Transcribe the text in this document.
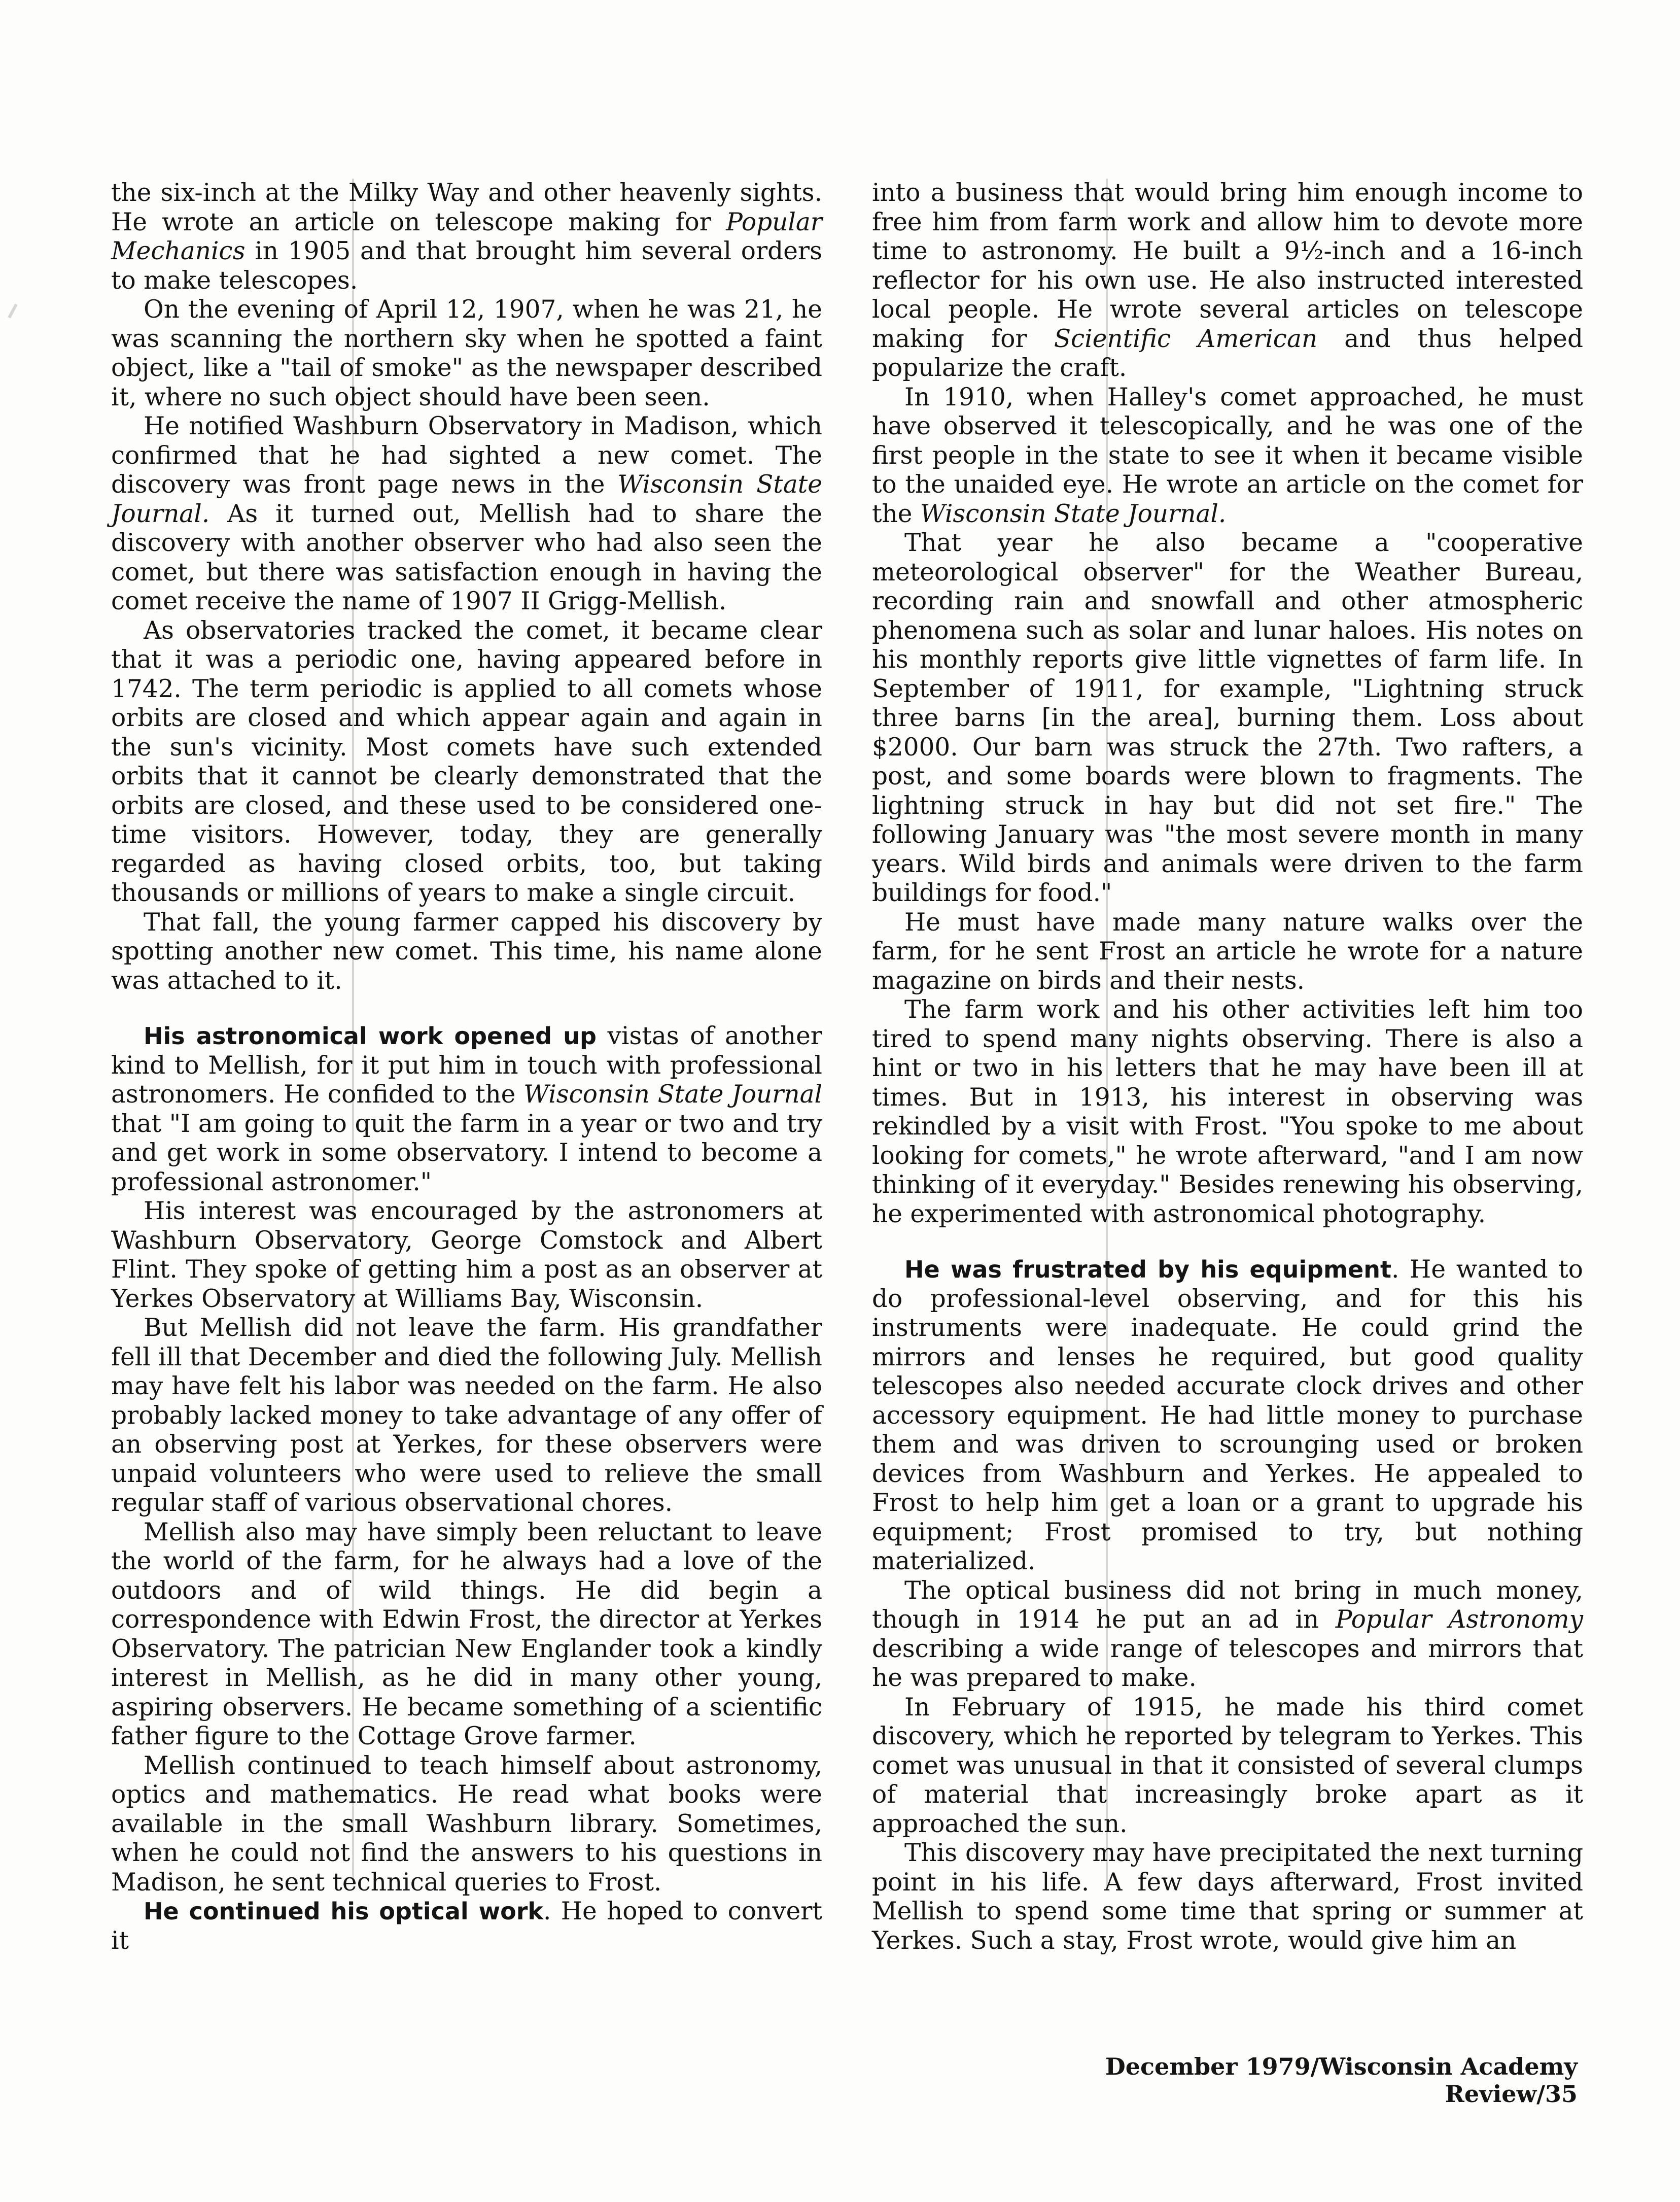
the six-inch at the Milky Way and other heavenly sights. He wrote an article on telescope making for Popular Mechanics in 1905 and that brought him several orders to make telescopes.

On the evening of April 12, 1907, when he was 21, he was scanning the northern sky when he spotted a faint object, like a "tail of smoke" as the newspaper described it, where no such object should have been seen.

He notified Washburn Observatory in Madison, which confirmed that he had sighted a new comet. The discovery was front page news in the Wisconsin State Journal. As it turned out, Mellish had to share the discovery with another observer who had also seen the comet, but there was satisfaction enough in having the comet receive the name of 1907 II Grigg-Mellish.

As observatories tracked the comet, it became clear that it was a periodic one, having appeared before in 1742. The term periodic is applied to all comets whose orbits are closed and which appear again and again in the sun's vicinity. Most comets have such extended orbits that it cannot be clearly demonstrated that the orbits are closed, and these used to be considered one-time visitors. However, today, they are generally regarded as having closed orbits, too, but taking thousands or millions of years to make a single circuit.

That fall, the young farmer capped his discovery by spotting another new comet. This time, his name alone was attached to it.

His astronomical work opened up vistas of another kind to Mellish, for it put him in touch with professional astronomers. He confided to the Wisconsin State Journal that "I am going to quit the farm in a year or two and try and get work in some observatory. I intend to become a professional astronomer."

His interest was encouraged by the astronomers at Washburn Observatory, George Comstock and Albert Flint. They spoke of getting him a post as an observer at Yerkes Observatory at Williams Bay, Wisconsin.

But Mellish did not leave the farm. His grandfather fell ill that December and died the following July. Mellish may have felt his labor was needed on the farm. He also probably lacked money to take advantage of any offer of an observing post at Yerkes, for these observers were unpaid volunteers who were used to relieve the small regular staff of various observational chores.

Mellish also may have simply been reluctant to leave the world of the farm, for he always had a love of the outdoors and of wild things. He did begin a correspondence with Edwin Frost, the director at Yerkes Observatory. The patrician New Englander took a kindly interest in Mellish, as he did in many other young, aspiring observers. He became something of a scientific father figure to the Cottage Grove farmer.

Mellish continued to teach himself about astronomy, optics and mathematics. He read what books were available in the small Washburn library. Sometimes, when he could not find the answers to his questions in Madison, he sent technical queries to Frost.

He continued his optical work. He hoped to convert it

into a business that would bring him enough income to free him from farm work and allow him to devote more time to astronomy. He built a 9½-inch and a 16-inch reflector for his own use. He also instructed interested local people. He wrote several articles on telescope making for Scientific American and thus helped popularize the craft.

In 1910, when Halley's comet approached, he must have observed it telescopically, and he was one of the first people in the state to see it when it became visible to the unaided eye. He wrote an article on the comet for the Wisconsin State Journal.

That year he also became a "cooperative meteorological observer" for the Weather Bureau, recording rain and snowfall and other atmospheric phenomena such as solar and lunar haloes. His notes on his monthly reports give little vignettes of farm life. In September of 1911, for example, "Lightning struck three barns [in the area], burning them. Loss about $2000. Our barn was struck the 27th. Two rafters, a post, and some boards were blown to fragments. The lightning struck in hay but did not set fire." The following January was "the most severe month in many years. Wild birds and animals were driven to the farm buildings for food."

He must have made many nature walks over the farm, for he sent Frost an article he wrote for a nature magazine on birds and their nests.

The farm work and his other activities left him too tired to spend many nights observing. There is also a hint or two in his letters that he may have been ill at times. But in 1913, his interest in observing was rekindled by a visit with Frost. "You spoke to me about looking for comets," he wrote afterward, "and I am now thinking of it everyday." Besides renewing his observing, he experimented with astronomical photography.

He was frustrated by his equipment. He wanted to do professional-level observing, and for this his instruments were inadequate. He could grind the mirrors and lenses he required, but good quality telescopes also needed accurate clock drives and other accessory equipment. He had little money to purchase them and was driven to scrounging used or broken devices from Washburn and Yerkes. He appealed to Frost to help him get a loan or a grant to upgrade his equipment; Frost promised to try, but nothing materialized.

The optical business did not bring in much money, though in 1914 he put an ad in Popular Astronomy describing a wide range of telescopes and mirrors that he was prepared to make.

In February of 1915, he made his third comet discovery, which he reported by telegram to Yerkes. This comet was unusual in that it consisted of several clumps of material that increasingly broke apart as it approached the sun.

This discovery may have precipitated the next turning point in his life. A few days afterward, Frost invited Mellish to spend some time that spring or summer at Yerkes. Such a stay, Frost wrote, would give him an

December 1979/Wisconsin Academy Review/35
